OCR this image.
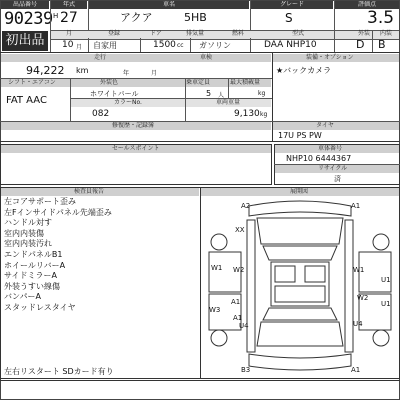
出品番号	年式	車名	グレード	評価点
90239 H 27	アクア	5HB	S	3.5
初出品	月	登録	ドア	排気量	燃料	型式	外装 内装
10 月 自家用	1500 cc ガソリン	DAA NHP10	D B
走行	車検
94,222 km	年	月
シフト・エアコン	外装色	乗車定員	最大積載量
FAT AAC
ホワイトパール	5 人	kg
カラーNo.	車両重量
082	9,130 kg
修復歴・記録簿
装備・オプション
★バックカメラ
タイヤ
17U PS PW
セールスポイント	車体番号
NHP10 6444367
リサイクル
済
検査員報告	展開図
左コアサポート歪み
左Fインサイドパネル先端歪み
ハンドル対す
室内内装傷
室内内装汚れ
エンドパネルB1
ホイールリバーA
サイドミラーA
外装うすい線傷
バンパーA
スタッドレスタイヤ
左右リスタート SDカード有り
A2	A1
XX
W1
U1
W2	W1
A1	U1
W2
A1
W3
U4
U4
B3	A1
